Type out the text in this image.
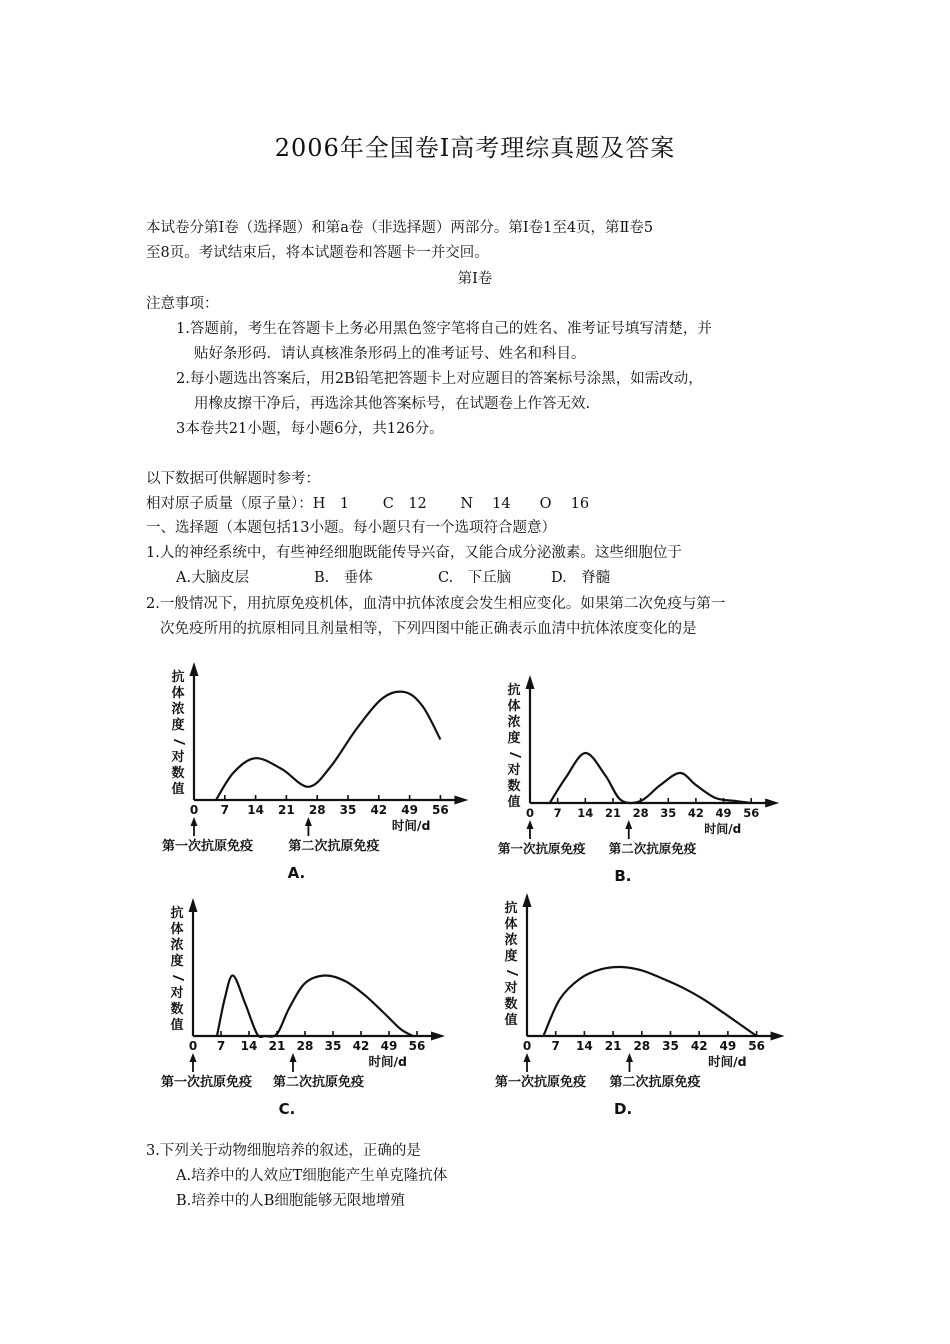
2006年全国卷I高考理综真题及答案
本试卷分第I卷（选择题）和第a卷（非选择题）两部分。第I卷1至4页，第Ⅱ卷5
至8页。考试结束后，将本试题卷和答题卡一并交回。
第I卷
注意事项：
1.答题前，考生在答题卡上务必用黑色签字笔将自己的姓名、准考证号填写清楚，并
贴好条形码．请认真核准条形码上的准考证号、姓名和科目。
2.每小题选出答案后，用2B铅笔把答题卡上对应题目的答案标号涂黑，如需改动，
用橡皮擦干净后，再选涂其他答案标号，在试题卷上作答无效.
3本卷共21小题，每小题6分，共126分。
以下数据可供解题时参考：
相对原子质量（原子量）：H　1　　 C　12　　 N　 14　　O　 16
一、选择题（本题包括13小题。每小题只有一个选项符合题意）
1.人的神经系统中，有些神经细胞既能传导兴奋，又能合成分泌激素。这些细胞位于
A.大脑皮层	B.　垂体	C.　下丘脑	D.　脊髓
2.一般情况下，用抗原免疫机体，血清中抗体浓度会发生相应变化。如果第二次免疫与第一
次免疫所用的抗原相同且剂量相等，下列四图中能正确表示血清中抗体浓度变化的是
0 7 14 21 28 35 42 49 56
时间/d
第一次抗原免疫	第二次抗原免疫
A.
抗
体
浓
度
/
对
数
值
0 7 14 21 28 35 42 49 56
时间/d
第一次抗原免疫 第二次抗原免疫
B.
抗
体
浓
度
/
对
数
值
0 7 14 21 28 35 42 49 56
时间/d
第一次抗原免疫 第二次抗原免疫
C.
抗
体
浓
度
/
对
数
值
0 7 14 21 28 35 42 49 56
时间/d
第一次抗原免疫 第二次抗原免疫
D.
抗
体
浓
度
/
对
数
值
3.下列关于动物细胞培养的叙述，正确的是
A.培养中的人效应T细胞能产生单克隆抗体
B.培养中的人B细胞能够无限地增殖
